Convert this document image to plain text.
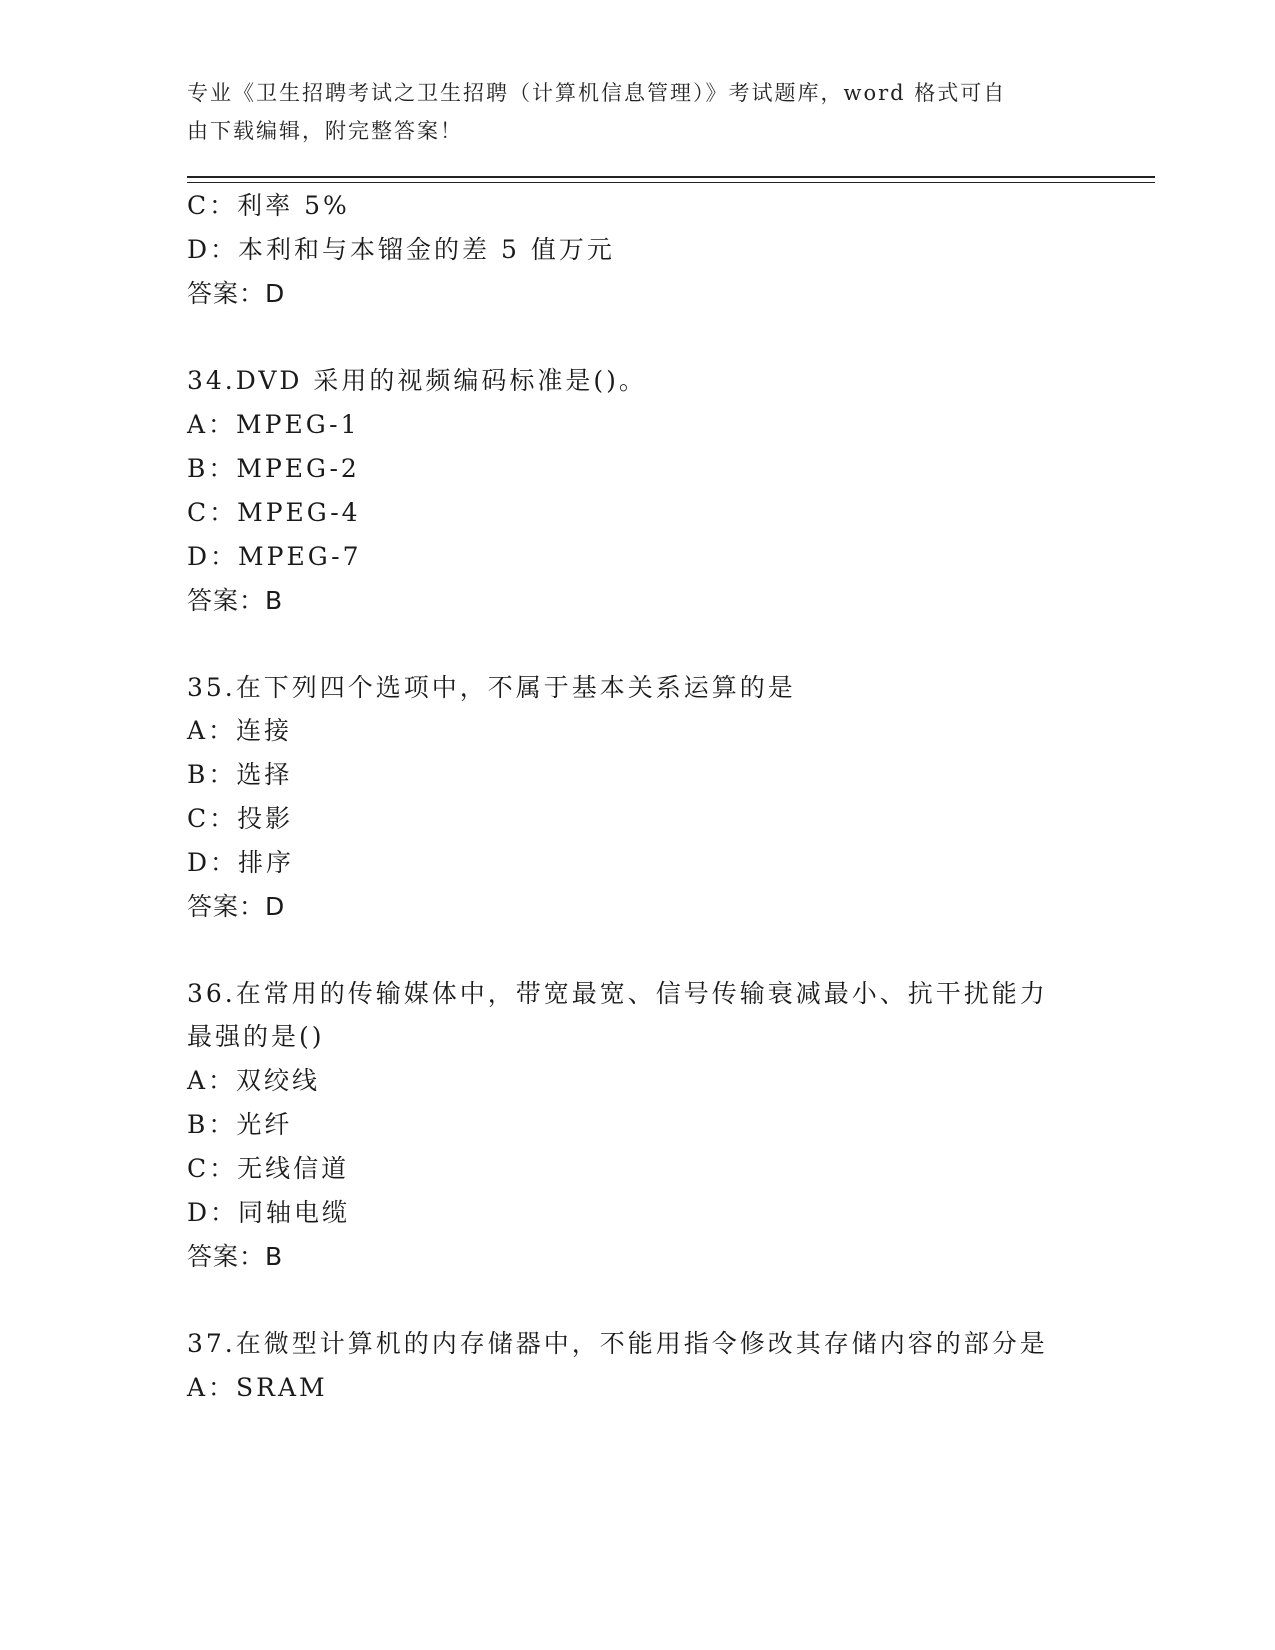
专业《卫生招聘考试之卫生招聘（计算机信息管理）》考试题库，word 格式可自
由下载编辑，附完整答案！
C：利率 5%
D：本利和与本镏金的差 5 值万元
答案：D
34.DVD 采用的视频编码标准是()。
A：MPEG-1
B：MPEG-2
C：MPEG-4
D：MPEG-7
答案：B
35.在下列四个选项中，不属于基本关系运算的是
A：连接
B：选择
C：投影
D：排序
答案：D
36.在常用的传输媒体中，带宽最宽、信号传输衰减最小、抗干扰能力
最强的是()
A：双绞线
B：光纤
C：无线信道
D：同轴电缆
答案：B
37.在微型计算机的内存储器中，不能用指令修改其存储内容的部分是
A：SRAM
